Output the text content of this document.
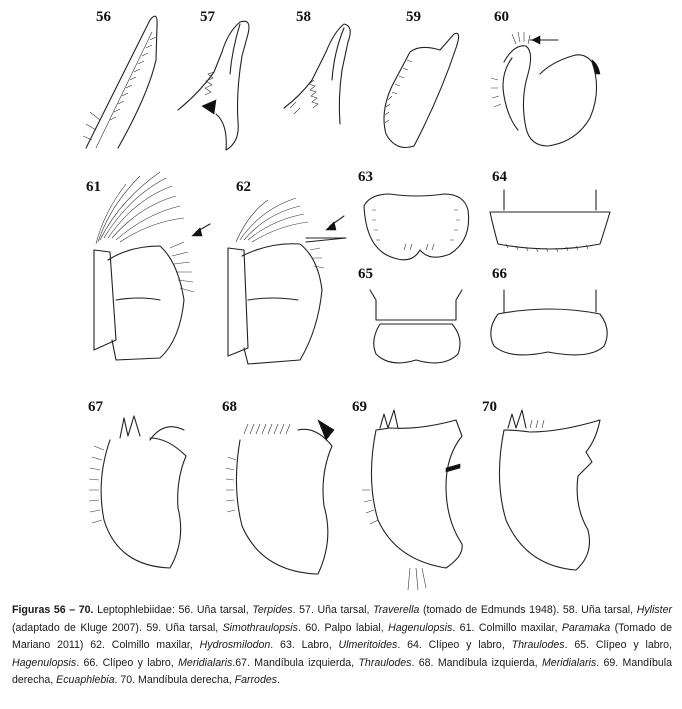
56	57	58	59	60
61	62
63	64
65	66
67	68	69	70
Figuras 56 – 70. Leptophlebiidae: 56. Uña tarsal, Terpides. 57. Uña tarsal, Traverella (tomado de Edmunds 1948). 58. Uña tarsal, Hylister (adaptado de Kluge 2007). 59. Uña tarsal, Simothraulopsis. 60. Palpo labial, Hagenulopsis. 61. Colmillo maxilar, Paramaka (Tomado de Mariano 2011) 62. Colmillo maxilar, Hydrosmilodon. 63. Labro, Ulmeritoides. 64. Clípeo y labro, Thraulodes. 65. Clípeo y labro, Hagenulopsis. 66. Clípeo y labro, Meridialaris.67. Mandíbula izquierda, Thraulodes. 68. Mandíbula izquierda, Meridialaris. 69. Mandíbula derecha, Ecuaphlebia. 70. Mandíbula derecha, Farrodes.
